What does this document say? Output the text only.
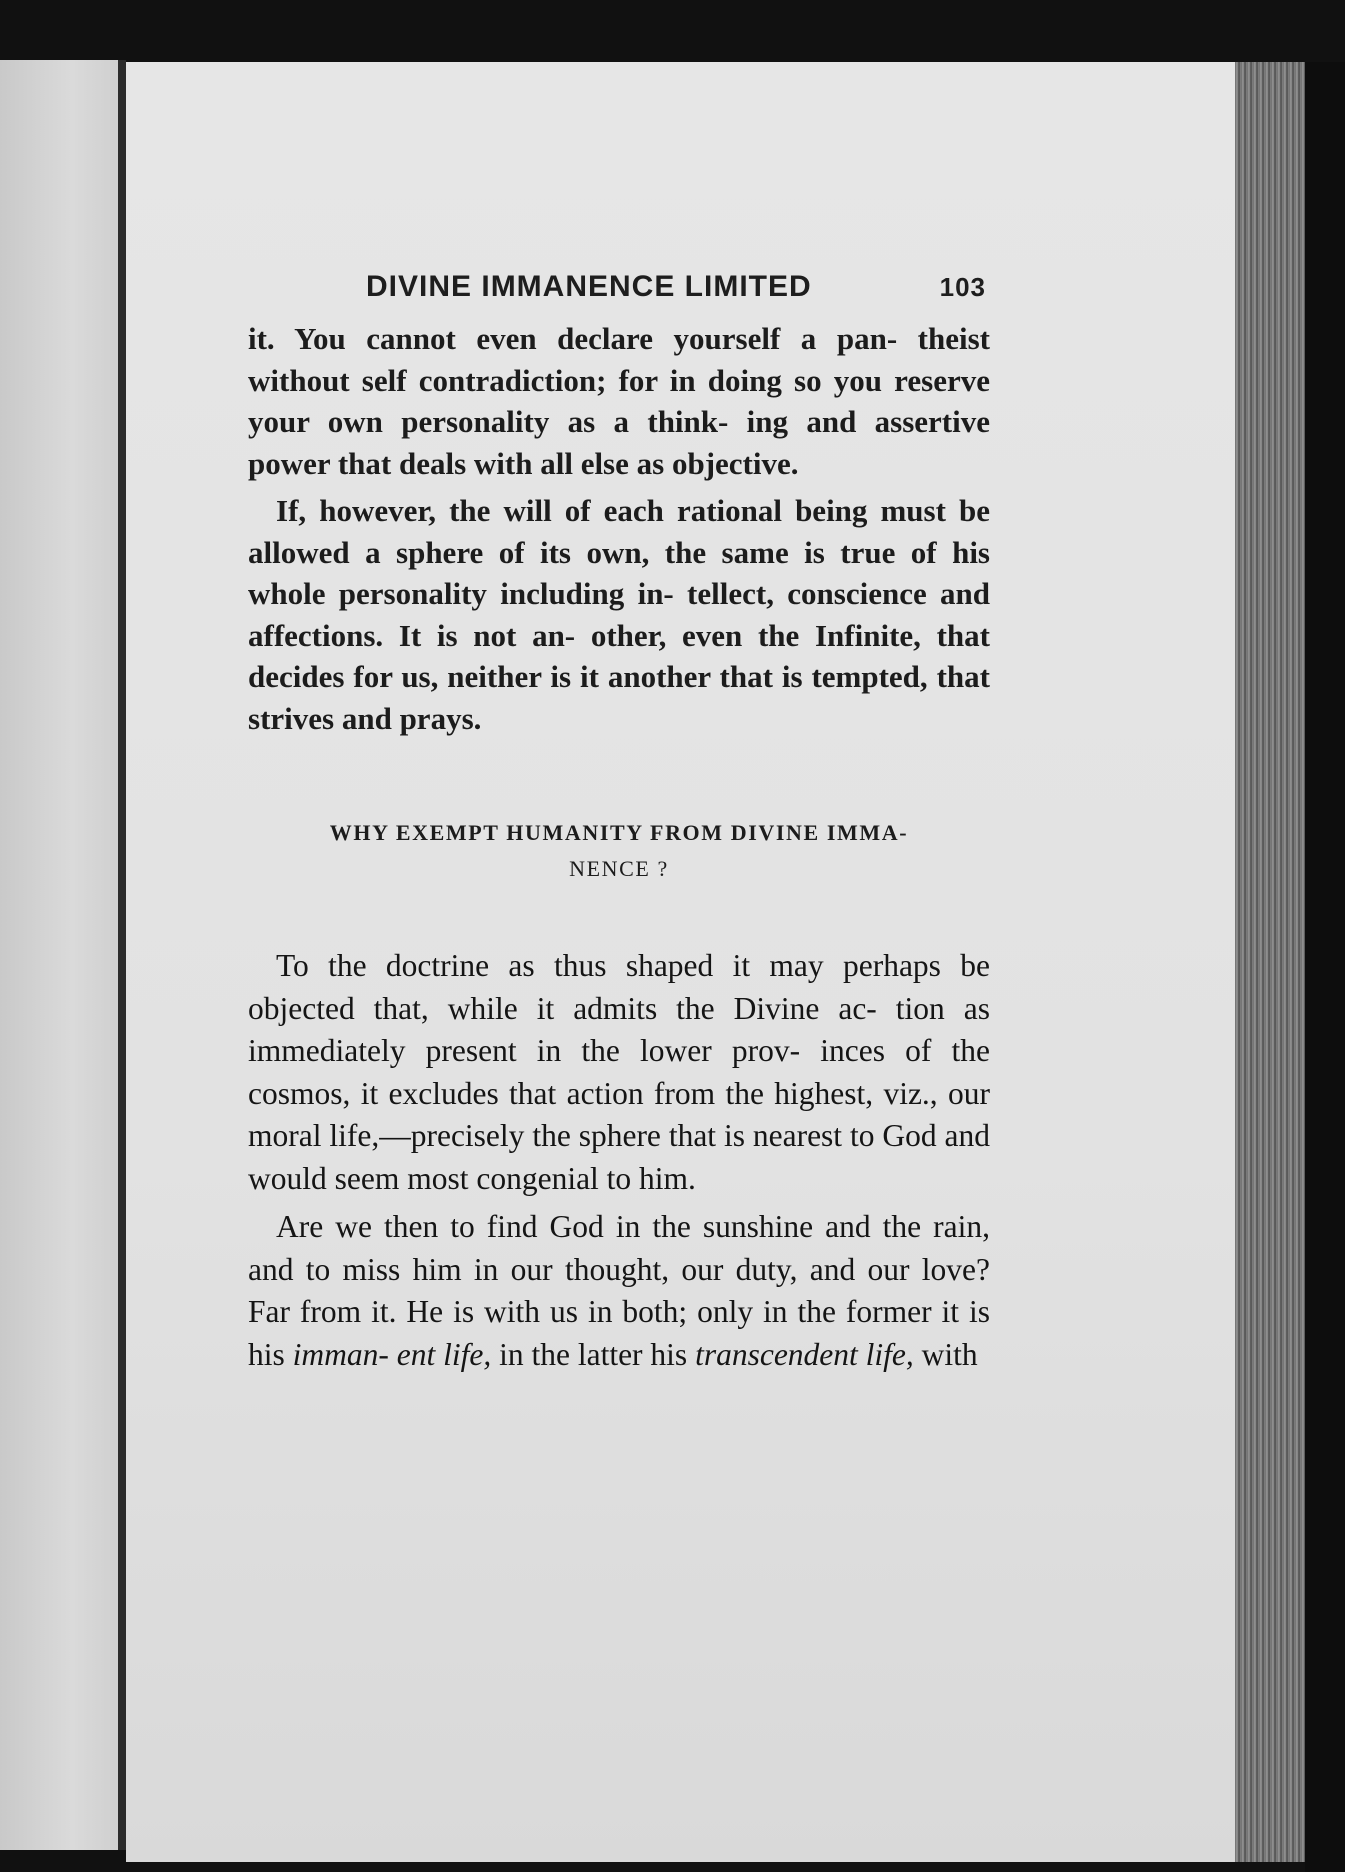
DIVINE IMMANENCE LIMITED	103

it. You cannot even declare yourself a pan- theist without self contradiction; for in doing so you reserve your own personality as a think- ing and assertive power that deals with all else as objective.

If, however, the will of each rational being must be allowed a sphere of its own, the same is true of his whole personality including in- tellect, conscience and affections. It is not an- other, even the Infinite, that decides for us, neither is it another that is tempted, that strives and prays.

WHY EXEMPT HUMANITY FROM DIVINE IMMA-
NENCE ?

To the doctrine as thus shaped it may perhaps be objected that, while it admits the Divine ac- tion as immediately present in the lower prov- inces of the cosmos, it excludes that action from the highest, viz., our moral life,—precisely the sphere that is nearest to God and would seem most congenial to him.

Are we then to find God in the sunshine and the rain, and to miss him in our thought, our duty, and our love? Far from it. He is with us in both; only in the former it is his imman- ent life, in the latter his transcendent life, with
